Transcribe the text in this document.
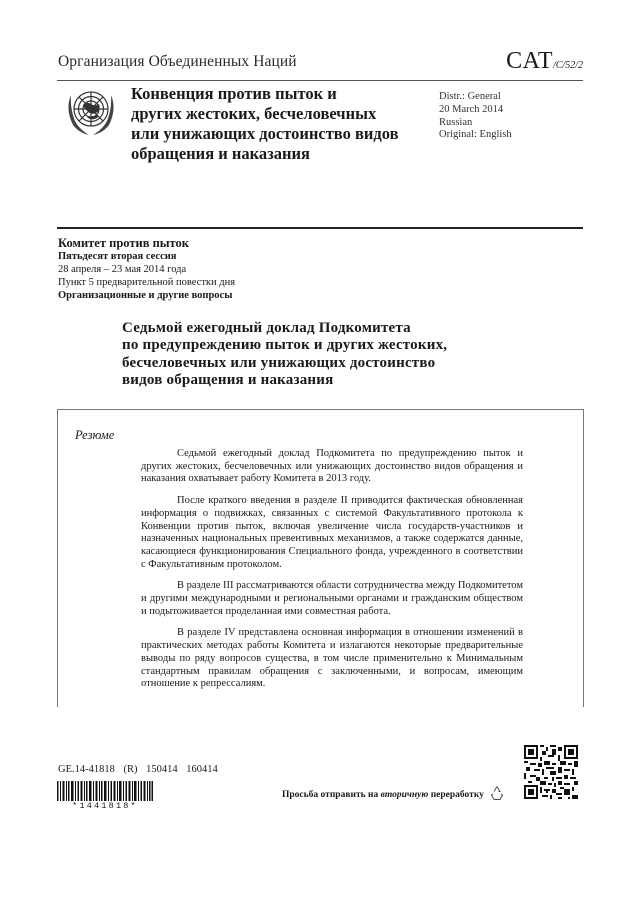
Организация Объединенных Наций	CAT/C/52/2
Конвенция против пыток и
других жестоких, бесчеловечных
или унижающих достоинство видов
обращения и наказания
Distr.: General
20 March 2014
Russian
Original: English
Комитет против пыток
Пятьдесят вторая сессия
28 апреля – 23 мая 2014 года
Пункт 5 предварительной повестки дня
Организационные и другие вопросы
Седьмой ежегодный доклад Подкомитета
по предупреждению пыток и других жестоких,
бесчеловечных или унижающих достоинство
видов обращения и наказания
Резюме

Седьмой ежегодный доклад Подкомитета по предупреждению пыток и других жестоких, бесчеловечных или унижающих достоинство видов обращения и наказания охватывает работу Комитета в 2013 году.

После краткого введения в разделе II приводится фактическая обновленная информация о подвижках, связанных с системой Факультативного протокола к Конвенции против пыток, включая увеличение числа государств-участников и назначенных национальных превентивных механизмов, а также содержатся данные, касающиеся функционирования Специального фонда, учрежденного в соответствии с Факультативным протоколом.

В разделе III рассматриваются области сотрудничества между Подкомитетом и другими международными и региональными органами и гражданским обществом и подытоживается проделанная ими совместная работа.

В разделе IV представлена основная информация в отношении изменений в практических методах работы Комитета и излагаются некоторые предварительные выводы по ряду вопросов существа, в том числе применительно к Минимальным стандартным правилам обращения с заключенными, и вопросам, имеющим отношение к репрессалиям.

GE.14-41818 (R) 150414 160414
*1441818*
Просьба отправить на вторичную переработку
